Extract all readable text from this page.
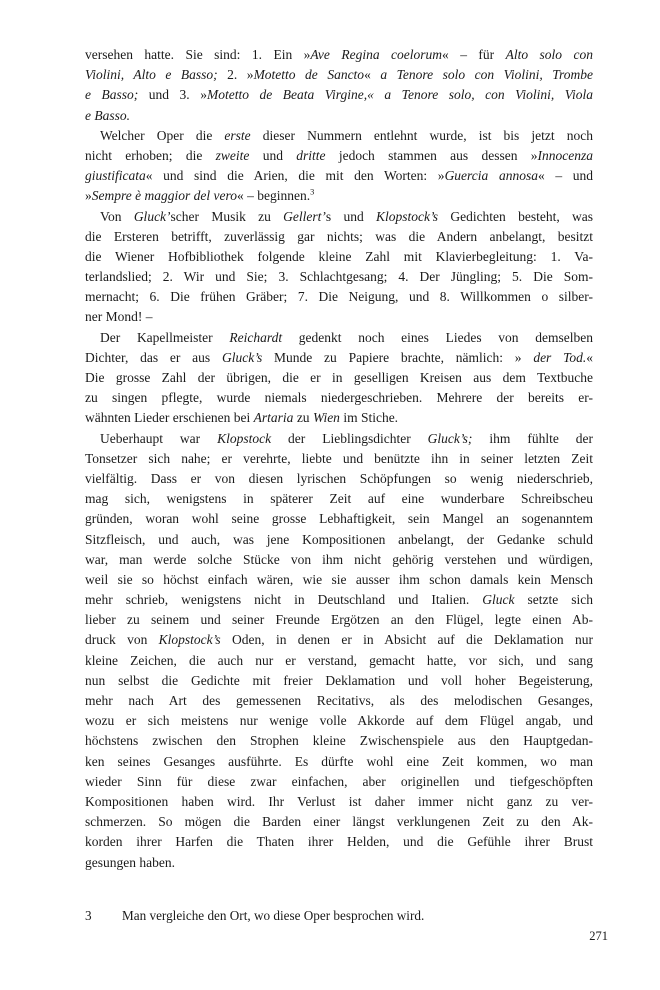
versehen hatte. Sie sind: 1. Ein »Ave Regina coelorum« – für Alto solo con
Violini, Alto e Basso; 2. »Motetto de Sancto« a Tenore solo con Violini, Trombe
e Basso; und 3. »Motetto de Beata Virgine,« a Tenore solo, con Violini, Viola
e Basso.
Welcher Oper die erste dieser Nummern entlehnt wurde, ist bis jetzt noch
nicht erhoben; die zweite und dritte jedoch stammen aus dessen »Innocenza
giustificata« und sind die Arien, die mit den Worten: »Guercia annosa« – und
»Sempre è maggior del vero« – beginnen.$^3$
Von Gluck’scher Musik zu Gellert’s und Klopstock’s Gedichten besteht, was
die Ersteren betrifft, zuverlässig gar nichts; was die Andern anbelangt, besitzt
die Wiener Hofbibliothek folgende kleine Zahl mit Klavierbegleitung: 1. Va-
terlandslied; 2. Wir und Sie; 3. Schlachtgesang; 4. Der Jüngling; 5. Die Som-
mernacht; 6. Die frühen Gräber; 7. Die Neigung, und 8. Willkommen o silber-
ner Mond! –
Der Kapellmeister Reichardt gedenkt noch eines Liedes von demselben
Dichter, das er aus Gluck’s Munde zu Papiere brachte, nämlich: » der Tod.«
Die grosse Zahl der übrigen, die er in geselligen Kreisen aus dem Textbuche
zu singen pflegte, wurde niemals niedergeschrieben. Mehrere der bereits er-
wähnten Lieder erschienen bei Artaria zu Wien im Stiche.
Ueberhaupt war Klopstock der Lieblingsdichter Gluck’s; ihm fühlte der
Tonsetzer sich nahe; er verehrte, liebte und benützte ihn in seiner letzten Zeit
vielfältig. Dass er von diesen lyrischen Schöpfungen so wenig niederschrieb,
mag sich, wenigstens in späterer Zeit auf eine wunderbare Schreibscheu
gründen, woran wohl seine grosse Lebhaftigkeit, sein Mangel an sogenanntem
Sitzfleisch, und auch, was jene Kompositionen anbelangt, der Gedanke schuld
war, man werde solche Stücke von ihm nicht gehörig verstehen und würdigen,
weil sie so höchst einfach wären, wie sie ausser ihm schon damals kein Mensch
mehr schrieb, wenigstens nicht in Deutschland und Italien. Gluck setzte sich
lieber zu seinem und seiner Freunde Ergötzen an den Flügel, legte einen Ab-
druck von Klopstock’s Oden, in denen er in Absicht auf die Deklamation nur
kleine Zeichen, die auch nur er verstand, gemacht hatte, vor sich, und sang
nun selbst die Gedichte mit freier Deklamation und voll hoher Begeisterung,
mehr nach Art des gemessenen Recitativs, als des melodischen Gesanges,
wozu er sich meistens nur wenige volle Akkorde auf dem Flügel angab, und
höchstens zwischen den Strophen kleine Zwischenspiele aus den Hauptgedan-
ken seines Gesanges ausführte. Es dürfte wohl eine Zeit kommen, wo man
wieder Sinn für diese zwar einfachen, aber originellen und tiefgeschöpften
Kompositionen haben wird. Ihr Verlust ist daher immer nicht ganz zu ver-
schmerzen. So mögen die Barden einer längst verklungenen Zeit zu den Ak-
korden ihrer Harfen die Thaten ihrer Helden, und die Gefühle ihrer Brust
gesungen haben.
3	Man vergleiche den Ort, wo diese Oper besprochen wird.
271
